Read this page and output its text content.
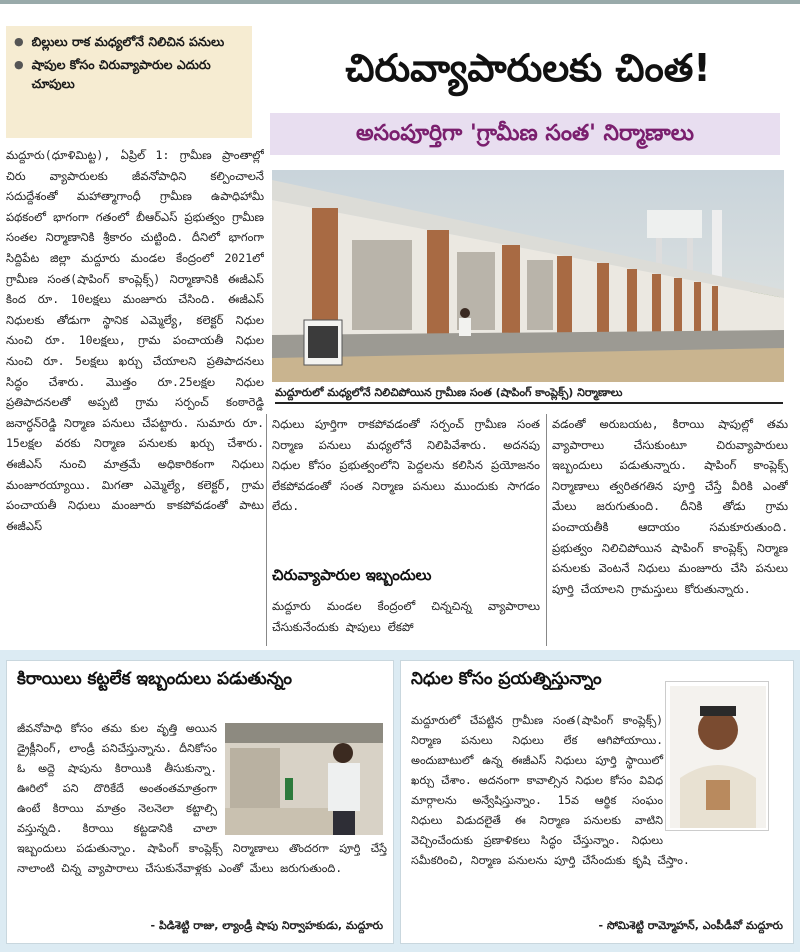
● బిల్లులు రాక మధ్యలోనే నిలిచిన పనులు
● షాపుల కోసం చిరువ్యాపారుల ఎదురు చూపులు	చిరువ్యాపారులకు చింత!
అసంపూర్తిగా 'గ్రామీణ సంత' నిర్మాణాలు
మద్దూరు(ధూళిమిట్ట), ఏప్రిల్ 1: గ్రామీణ ప్రాంతాల్లో చిరు వ్యాపారులకు జీవనోపాధిని కల్పించాలనే సదుద్దేశంతో మహాత్మాగాంధీ గ్రామీణ ఉపాధిహామీ పథకంలో భాగంగా గతంలో బీఆర్ఎస్ ప్రభుత్వం గ్రామీణ సంతల నిర్మాణానికి శ్రీకారం చుట్టింది. దీనిలో భాగంగా సిద్దిపేట జిల్లా మద్దూరు మండల కేంద్రంలో 2021లో గ్రామీణ సంత(షాపింగ్ కాంప్లెక్స్) నిర్మాణానికి ఈజీఎస్ కింద రూ. 10లక్షలు మంజూరు చేసింది. ఈజీఎస్ నిధులకు తోడుగా స్థానిక ఎమ్మెల్యే, కలెక్టర్ నిధుల నుంచి రూ. 10లక్షలు, గ్రామ పంచాయతీ నిధుల నుంచి రూ. 5లక్షలు ఖర్చు చేయాలని ప్రతిపాదనలు సిద్ధం చేశారు. మొత్తం రూ.25లక్షల నిధుల ప్రతిపాదనలతో అప్పటి గ్రామ సర్పంచ్ కంఠారెడ్డి జనార్ధన్‌రెడ్డి నిర్మాణ పనులు చేపట్టారు. సుమారు రూ. 15లక్షల వరకు నిర్మాణ పనులకు ఖర్చు చేశారు. ఈజీఎస్ నుంచి మాత్రమే అధికారికంగా నిధులు మంజూరయ్యాయి. మిగతా ఎమ్మెల్యే, కలెక్టర్, గ్రామ పంచాయతీ నిధులు మంజూరు కాకపోవడంతో పాటు ఈజీఎస్
మద్దూరులో మధ్యలోనే నిలిచిపోయిన గ్రామీణ సంత (షాపింగ్ కాంప్లెక్స్) నిర్మాణాలు
నిధులు పూర్తిగా రాకపోవడంతో సర్పంచ్ గ్రామీణ సంత నిర్మాణ పనులు మధ్యలోనే నిలిపివేశారు. అదనపు నిధుల కోసం ప్రభుత్వంలోని పెద్దలను కలిసిన ప్రయోజనం లేకపోవడంతో సంత నిర్మాణ పనులు ముందుకు సాగడం లేదు.
చిరువ్యాపారుల ఇబ్బందులు
మద్దూరు మండల కేంద్రంలో చిన్నచిన్న వ్యాపారాలు చేసుకునేందుకు షాపులు లేకపో
వడంతో అరుబయట, కిరాయి షాపుల్లో తమ వ్యాపారాలు చేసుకుంటూ చిరువ్యాపారులు ఇబ్బందులు పడుతున్నారు. షాపింగ్ కాంప్లెక్స్ నిర్మాణాలు త్వరితగతిన పూర్తి చేస్తే వీరికి ఎంతో మేలు జరుగుతుంది. దీనికి తోడు గ్రామ పంచాయతీకి ఆదాయం సమకూరుతుంది. ప్రభుత్వం నిలిచిపోయిన షాపింగ్ కాంప్లెక్స్ నిర్మాణ పనులకు వెంటనే నిధులు మంజూరు చేసి పనులు పూర్తి చేయాలని గ్రామస్తులు కోరుతున్నారు.
కిరాయిలు కట్టలేక ఇబ్బందులు పడుతున్నం
జీవనోపాధి కోసం తమ కుల వృత్తి అయిన డ్రైక్లీనింగ్, లాండ్రీ పనిచేస్తున్నాను. దీనికోసం ఓ అద్దె షాపును కిరాయికి తీసుకున్నా. ఊరిలో పని దొరికేదే అంతంతమాత్రంగా ఉంటే కిరాయి మాత్రం నెలనెలా కట్టాల్సి వస్తున్నది. కిరాయి కట్టడానికి చాలా ఇబ్బందులు పడుతున్నాం. షాపింగ్ కాంప్లెక్స్ నిర్మాణాలు తొందరగా పూర్తి చేస్తే నాలాంటి చిన్న వ్యాపారాలు చేసుకునేవాళ్లకు ఎంతో మేలు జరుగుతుంది.
- పిడిశెట్టి రాజు, ల్యాండ్రీ షాపు నిర్వాహకుడు, మద్దూరు
నిధుల కోసం ప్రయత్నిస్తున్నాం
మద్దూరులో చేపట్టిన గ్రామీణ సంత(షాపింగ్ కాంప్లెక్స్) నిర్మాణ పనులు నిధులు లేక ఆగిపోయాయి. అందుబాటులో ఉన్న ఈజీఎస్ నిధులు పూర్తి స్థాయిలో ఖర్చు చేశాం. అదనంగా కావాల్సిన నిధుల కోసం వివిధ మార్గాలను అన్వేషిస్తున్నాం. 15వ ఆర్థిక సంఘం నిధులు విడుదలైతే ఈ నిర్మాణ పనులకు వాటిని వెచ్చించేందుకు ప్రణాళికలు సిద్ధం చేస్తున్నాం. నిధులు సమీకరించి, నిర్మాణ పనులను పూర్తి చేసేందుకు కృషి చేస్తాం.
- సోమిశెట్టి రామ్మోహన్, ఎంపీడీవో మద్దూరు
